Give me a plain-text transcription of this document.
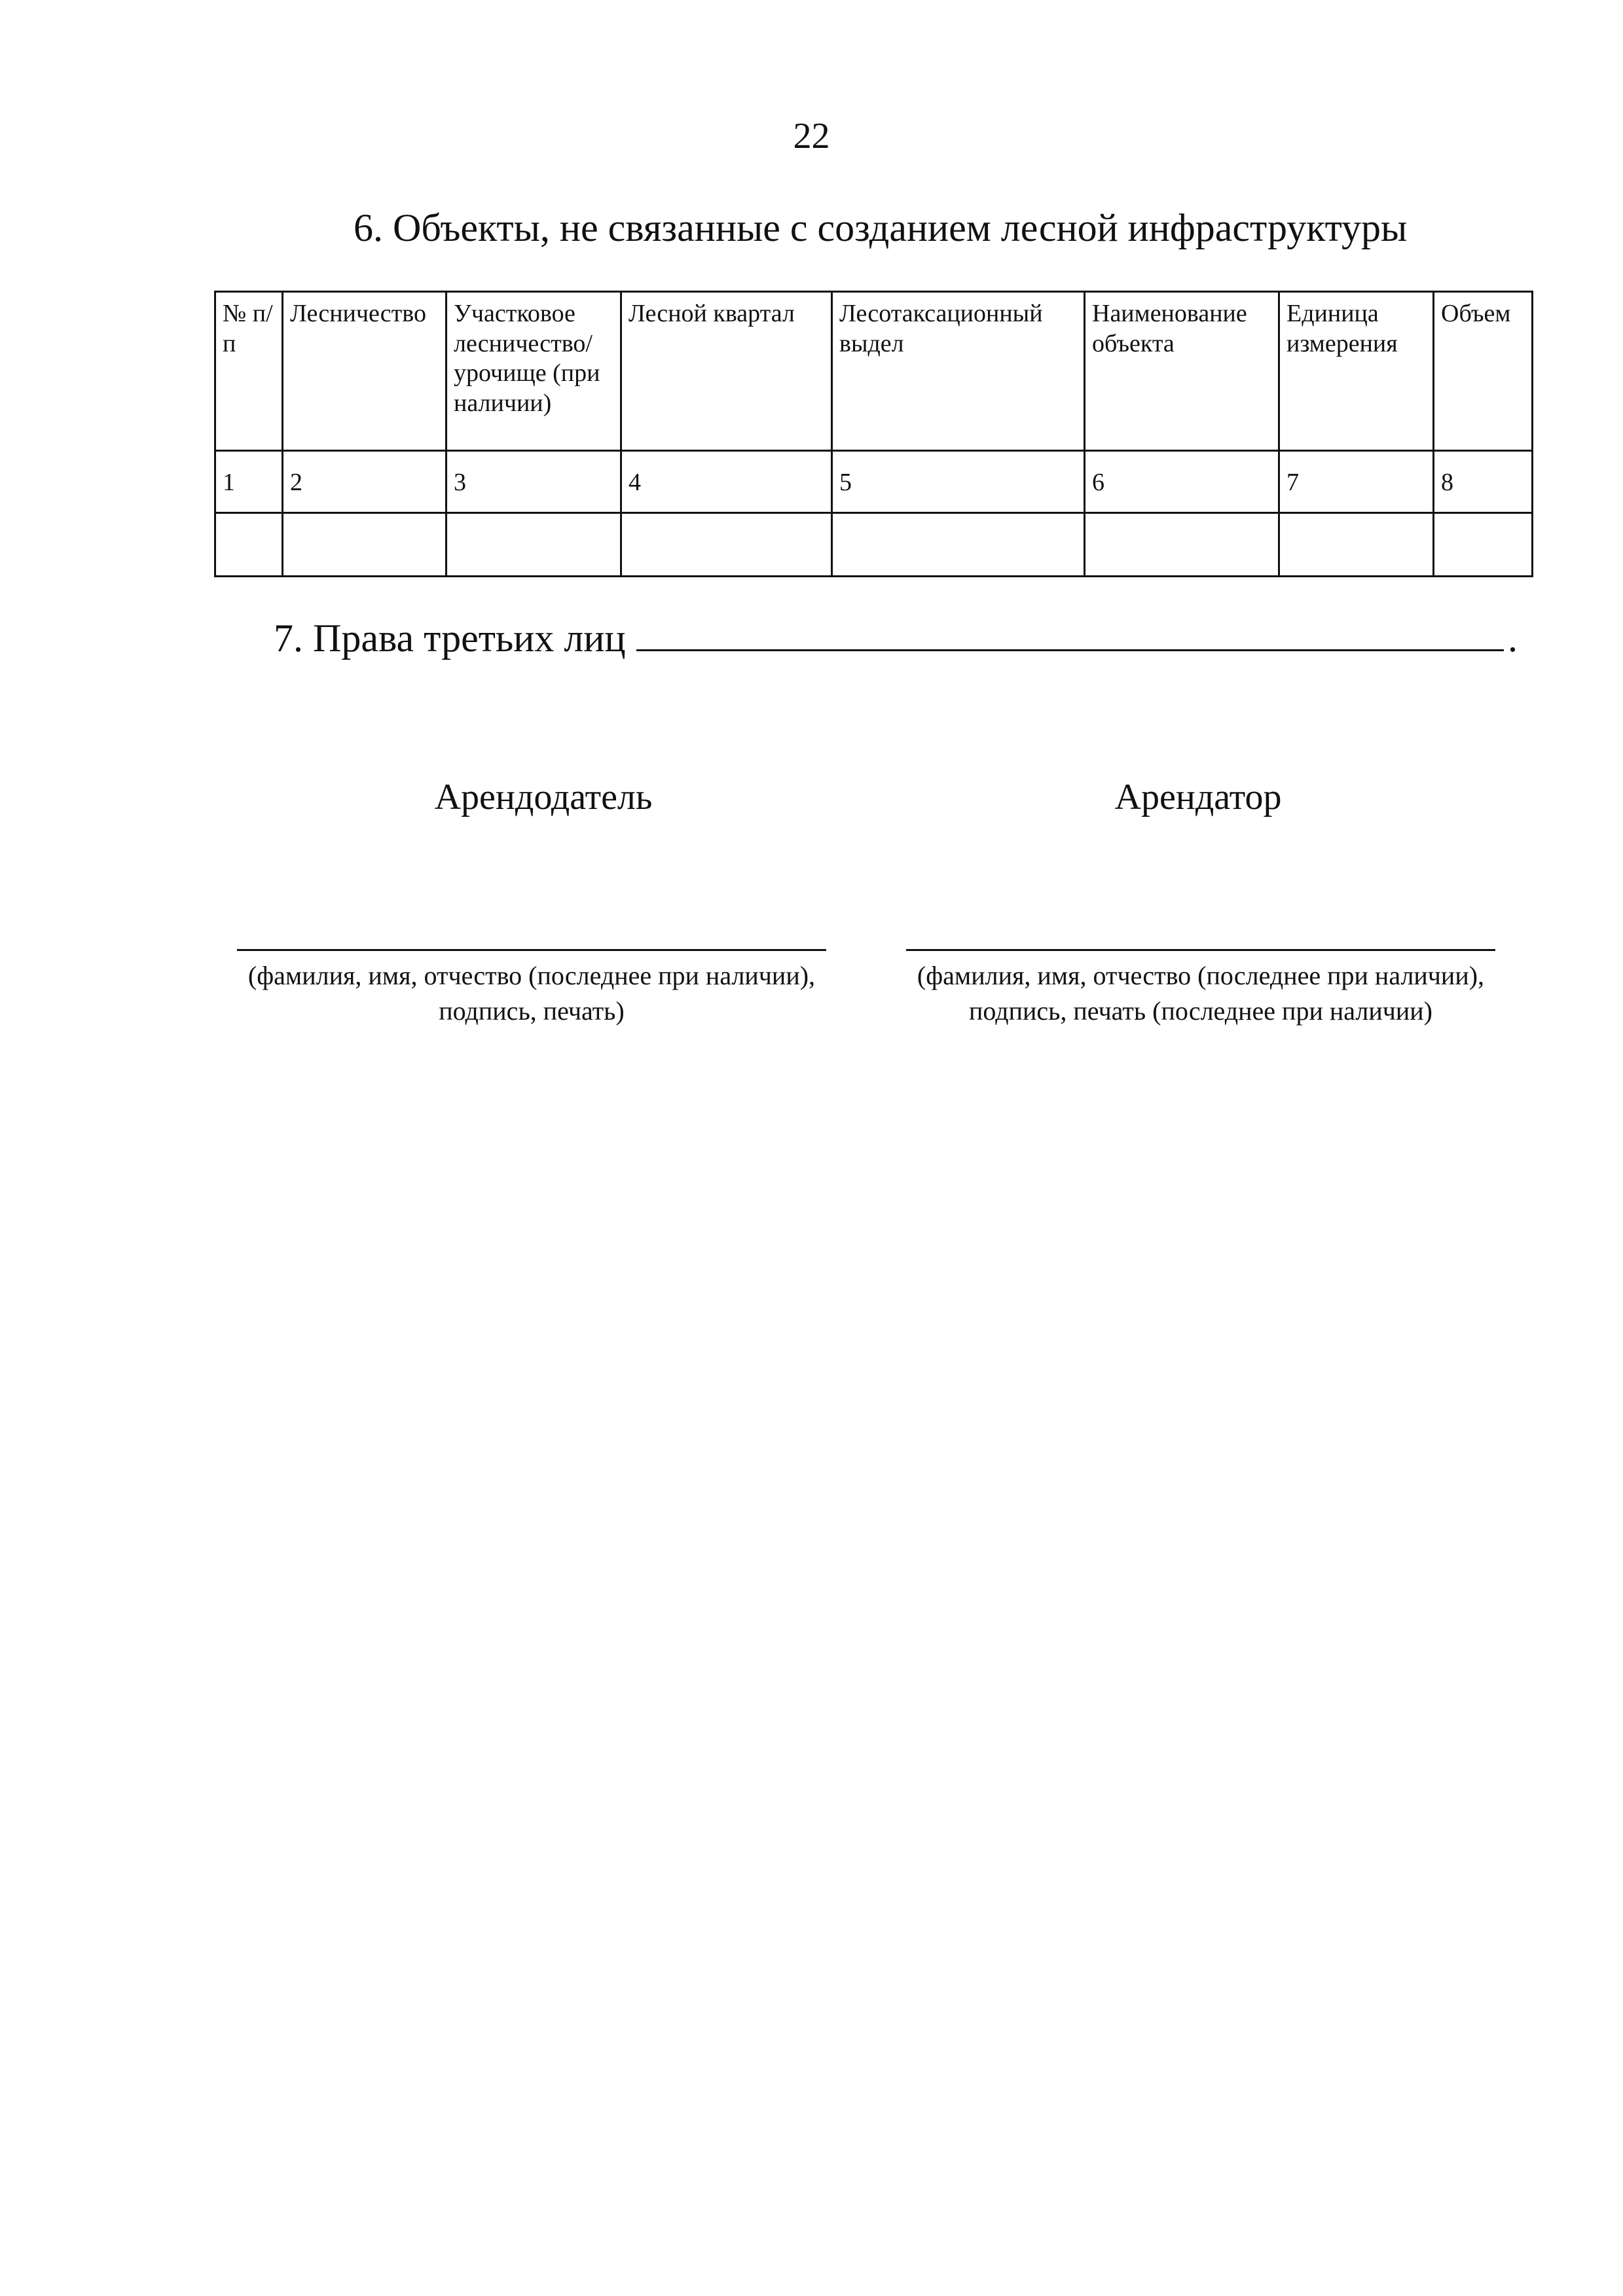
22
6. Объекты, не связанные с созданием лесной инфраструктуры
№ п/п	Лесничество	Участковое лесничество/ урочище (при наличии)	Лесной квартал	Лесотаксационный выдел	Наименование объекта	Единица измерения	Объем
1	2	3	4	5	6	7	8

7. Права третьих лиц	.
Арендодатель	Арендатор
(фамилия, имя, отчество (последнее при наличии),
подпись, печать)
(фамилия, имя, отчество (последнее при наличии),
подпись, печать (последнее при наличии)
